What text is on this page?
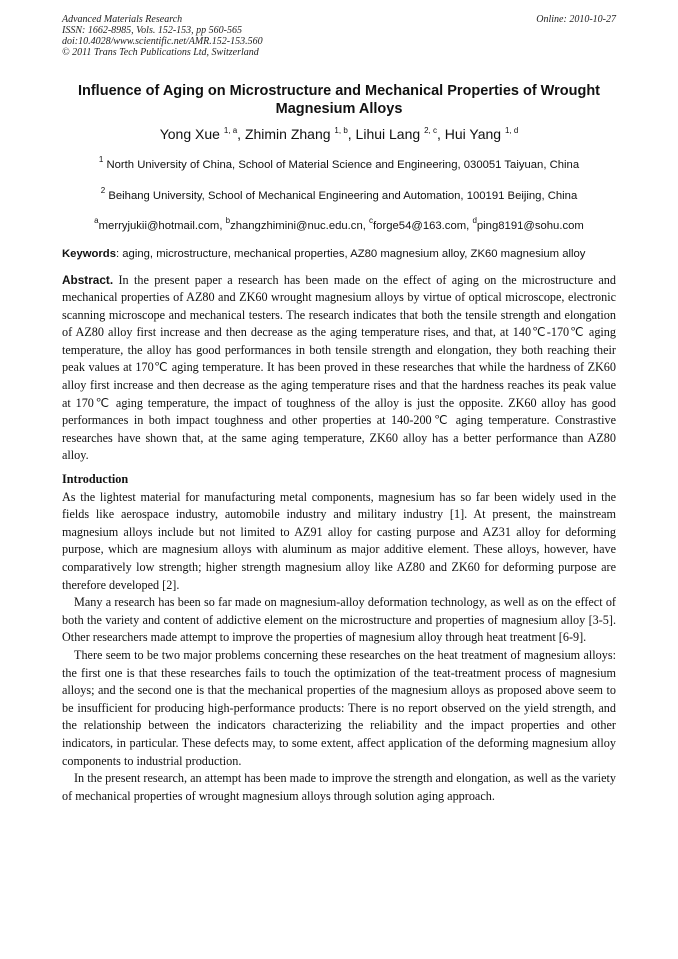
Advanced Materials Research
ISSN: 1662-8985, Vols. 152-153, pp 560-565
doi:10.4028/www.scientific.net/AMR.152-153.560
© 2011 Trans Tech Publications Ltd, Switzerland
Online: 2010-10-27
Influence of Aging on Microstructure and Mechanical Properties of Wrought Magnesium Alloys
Yong Xue $^{1, a}$, Zhimin Zhang $^{1, b}$, Lihui Lang $^{2, c}$, Hui Yang $^{1, d}$
$^1$ North University of China, School of Material Science and Engineering, 030051 Taiyuan, China
$^2$ Beihang University, School of Mechanical Engineering and Automation, 100191 Beijing, China
$^a$merryjukii@hotmail.com, $^b$zhangzhimini@nuc.edu.cn, $^c$forge54@163.com, $^d$ping8191@sohu.com
Keywords: aging, microstructure, mechanical properties, AZ80 magnesium alloy, ZK60 magnesium alloy

Abstract. In the present paper a research has been made on the effect of aging on the microstructure and mechanical properties of AZ80 and ZK60 wrought magnesium alloys by virtue of optical microscope, electronic scanning microscope and mechanical testers. The research indicates that both the tensile strength and elongation of AZ80 alloy first increase and then decrease as the aging temperature rises, and that, at 140℃-170℃ aging temperature, the alloy has good performances in both tensile strength and elongation, they both reaching their peak values at 170℃ aging temperature. It has been proved in these researches that while the hardness of ZK60 alloy first increase and then decrease as the aging temperature rises and that the hardness reaches its peak value at 170℃ aging temperature, the impact of toughness of the alloy is just the opposite. ZK60 alloy has good performances in both impact toughness and other properties at 140-200℃ aging temperature. Constrastive researches have shown that, at the same aging temperature, ZK60 alloy has a better performance than AZ80 alloy.

Introduction

As the lightest material for manufacturing metal components, magnesium has so far been widely used in the fields like aerospace industry, automobile industry and military industry [1]. At present, the mainstream magnesium alloys include but not limited to AZ91 alloy for casting purpose and AZ31 alloy for deforming purpose, which are magnesium alloys with aluminum as major additive element. These alloys, however, have comparatively low strength; higher strength magnesium alloy like AZ80 and ZK60 for deforming purpose are therefore developed [2].

Many a research has been so far made on magnesium-alloy deformation technology, as well as on the effect of both the variety and content of addictive element on the microstructure and properties of magnesium alloy [3-5]. Other researchers made attempt to improve the properties of magnesium alloy through heat treatment [6-9].

There seem to be two major problems concerning these researches on the heat treatment of magnesium alloys: the first one is that these researches fails to touch the optimization of the teat-treatment process of magnesium alloys; and the second one is that the mechanical properties of the magnesium alloys as proposed above seem to be insufficient for producing high-performance products: There is no report observed on the yield strength, and the relationship between the indicators characterizing the reliability and the impact properties and other indicators, in particular. These defects may, to some extent, affect application of the deforming magnesium alloy components to industrial production.

In the present research, an attempt has been made to improve the strength and elongation, as well as the variety of mechanical properties of wrought magnesium alloys through solution aging approach.
